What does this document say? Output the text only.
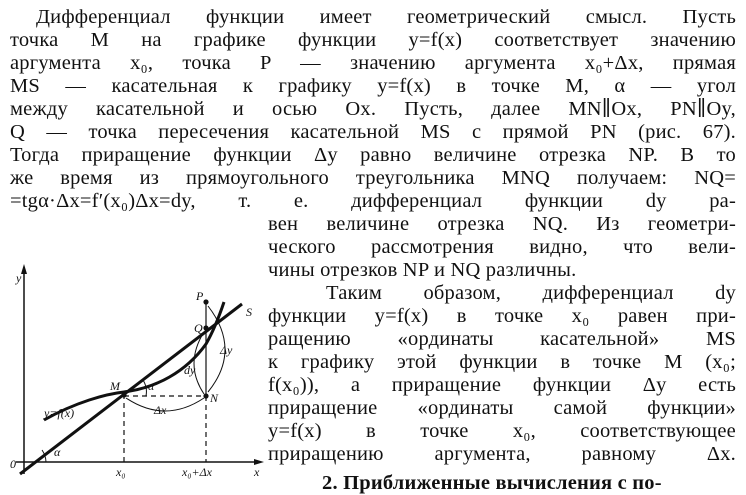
Дифференциал функции имеет геометрический смысл. Пусть
точка M на графике функции y=f(x) соответствует значению
аргумента x₀, точка P — значению аргумента x₀+Δx, прямая
MS — касательная к графику y=f(x) в точке M, α — угол
между касательной и осью Ox. Пусть, далее MN∥Ox, PN∥Oy,
Q — точка пересечения касательной MS с прямой PN (рис. 67).
Тогда приращение функции Δy равно величине отрезка NP. В то
же время из прямоугольного треугольника MNQ получаем: NQ=
=tgα·Δx=f′(x₀)Δx=dy, т. е. дифференциал функции dy ра-
вен величине отрезка NQ. Из геометри-
ческого рассмотрения видно, что вели-
чины отрезков NP и NQ различны.
Таким образом, дифференциал dy
функции y=f(x) в точке x₀ равен при-
ращению «ординаты касательной» MS
к графику этой функции в точке M (x₀;
f(x₀)), а приращение функции Δy есть
приращение «ординаты самой функции»
y=f(x) в точке x₀, соответствующее
приращению аргумента, равному Δx.
2. Приближенные вычисления с по-
y
x
0
α
y=f(x)
M
N
P
Q
S
α
Δx
dy
Δy
x₀	x₀+Δx
